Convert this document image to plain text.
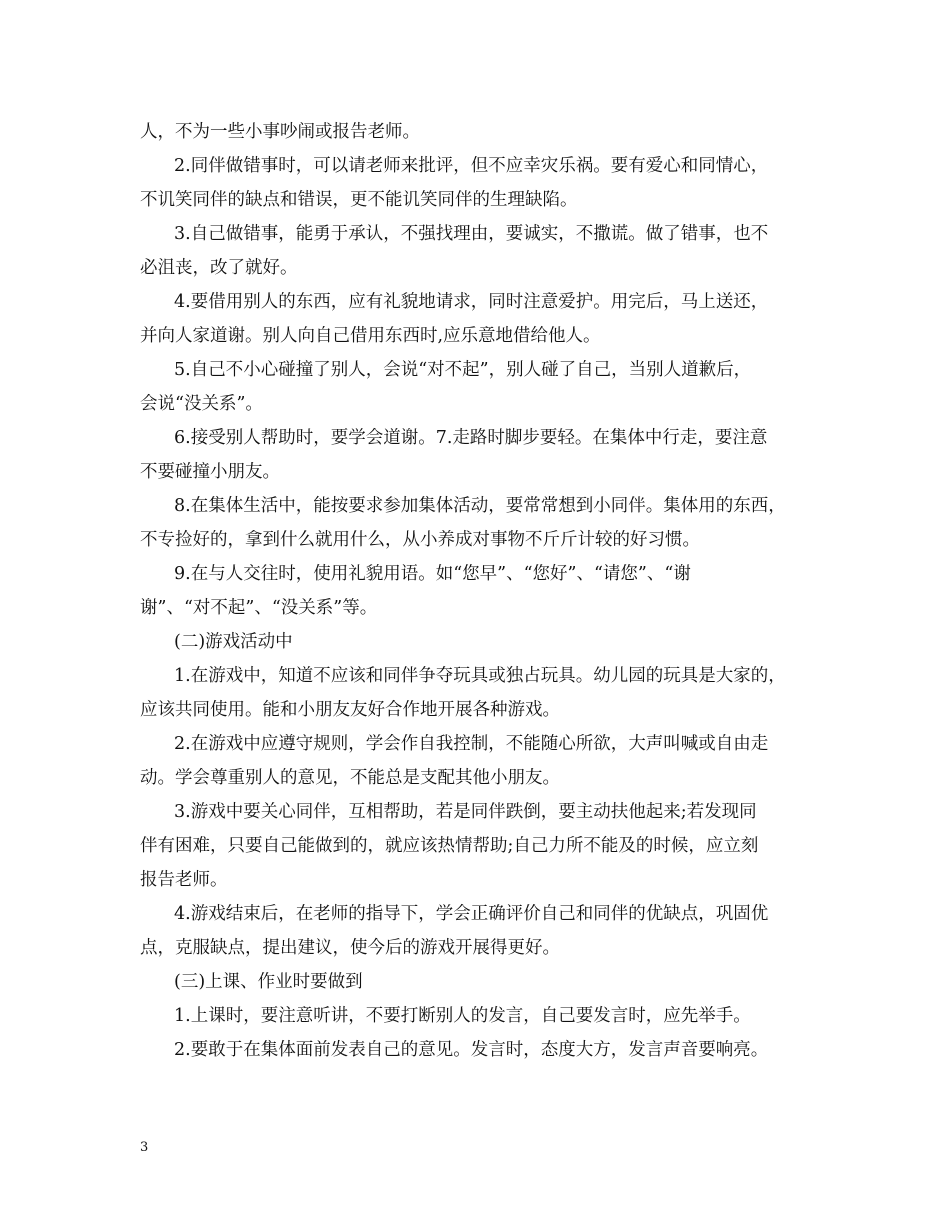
人，不为一些小事吵闹或报告老师。
2.同伴做错事时，可以请老师来批评，但不应幸灾乐祸。要有爱心和同情心，
不讥笑同伴的缺点和错误，更不能讥笑同伴的生理缺陷。
3.自己做错事，能勇于承认，不强找理由，要诚实，不撒谎。做了错事，也不
必沮丧，改了就好。
4.要借用别人的东西，应有礼貌地请求，同时注意爱护。用完后，马上送还，
并向人家道谢。别人向自己借用东西时,应乐意地借给他人。
5.自己不小心碰撞了别人，会说“对不起”，别人碰了自己，当别人道歉后，
会说“没关系”。
6.接受别人帮助时，要学会道谢。7.走路时脚步要轻。在集体中行走，要注意
不要碰撞小朋友。
8.在集体生活中，能按要求参加集体活动，要常常想到小同伴。集体用的东西，
不专捡好的，拿到什么就用什么，从小养成对事物不斤斤计较的好习惯。
9.在与人交往时，使用礼貌用语。如“您早”、“您好”、“请您”、“谢
谢”、“对不起”、“没关系”等。
(二)游戏活动中
1.在游戏中，知道不应该和同伴争夺玩具或独占玩具。幼儿园的玩具是大家的，
应该共同使用。能和小朋友友好合作地开展各种游戏。
2.在游戏中应遵守规则，学会作自我控制，不能随心所欲，大声叫喊或自由走
动。学会尊重别人的意见，不能总是支配其他小朋友。
3.游戏中要关心同伴，互相帮助，若是同伴跌倒，要主动扶他起来;若发现同
伴有困难，只要自己能做到的，就应该热情帮助;自己力所不能及的时候，应立刻
报告老师。
4.游戏结束后，在老师的指导下，学会正确评价自己和同伴的优缺点，巩固优
点，克服缺点，提出建议，使今后的游戏开展得更好。
(三)上课、作业时要做到
1.上课时，要注意听讲，不要打断别人的发言，自己要发言时，应先举手。
2.要敢于在集体面前发表自己的意见。发言时，态度大方，发言声音要响亮。
3
